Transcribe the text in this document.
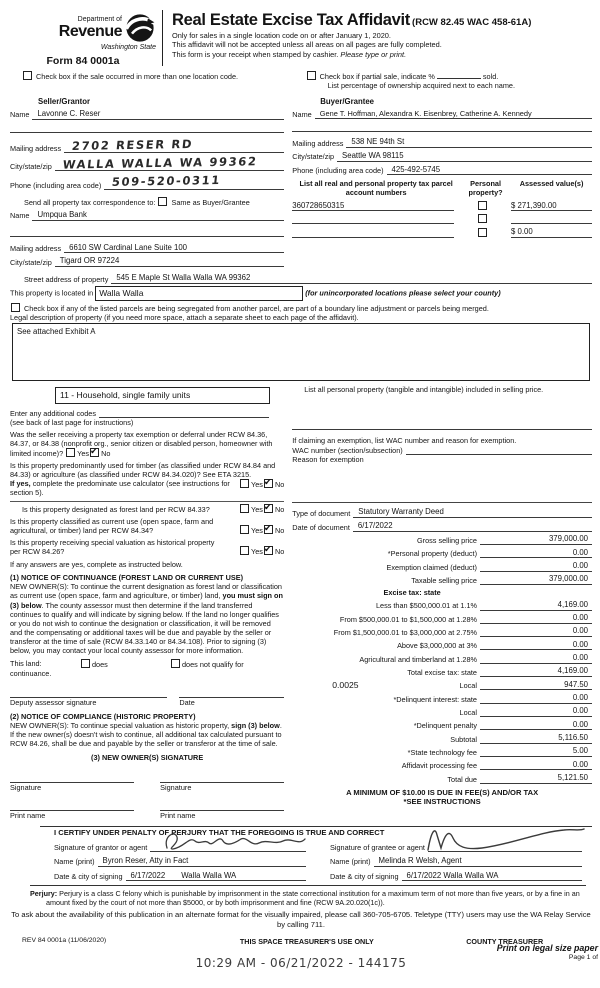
Department of
Revenue
Washington State
Form 84 0001a
Real Estate Excise Tax Affidavit (RCW 82.45 WAC 458-61A)
Only for sales in a single location code on or after January 1, 2020.
This affidavit will not be accepted unless all areas on all pages are fully completed.
This form is your receipt when stamped by cashier. Please type or print.
Check box if the sale occurred in more than one location code.	Check box if partial sale, indicate %	sold.
List percentage of ownership acquired next to each name.
Seller/Grantor
Name	Lavonne C. Reser
Mailing address 2702 RESER RD
City/state/zip WALLA WALLA WA 99362
Phone (including area code) 509-520-0311
Send all property tax correspondence to: Same as Buyer/Grantee
Name	Umpqua Bank
Mailing address	6610 SW Cardinal Lane Suite 100
City/state/zip	Tigard OR 97224
Buyer/Grantee
Name	Gene T. Hoffman, Alexandra K. Eisenbrey, Catherine A. Kennedy
Mailing address	538 NE 94th St
City/state/zip	Seattle WA 98115
Phone (including area code)	425-492-5745
List all real and personal property tax parcel account numbers
Personal property?
Assessed value(s)
360728650315	$ 271,390.00
$ 0.00
Street address of property	545 E Maple St Walla Walla WA 99362
This property is located in Walla Walla	(for unincorporated locations please select your county)
Check box if any of the listed parcels are being segregated from another parcel, are part of a boundary line adjustment or parcels being merged.
Legal description of property (if you need more space, attach a separate sheet to each page of the affidavit).
See attached Exhibit A
11 - Household, single family units
Enter any additional codes
(see back of last page for instructions)
Was the seller receiving a property tax exemption or deferral under RCW 84.36, 84.37, or 84.38 (nonprofit org., senior citizen or disabled person, homeowner with limited income)? Yes ✔ No
Is this property predominantly used for timber (as classified under RCW 84.84 and 84.33) or agriculture (as classified under RCW 84.34.020)? See ETA 3215.
Yes ✔ No
If yes, complete the predominate use calculator (see instructions for section 5).
Is this property designated as forest land per RCW 84.33?	Yes ✔ No
Is this property classified as current use (open space, farm and agricultural, or timber) land per RCW 84.34?	Yes ✔ No
Is this property receiving special valuation as historical property per RCW 84.26?	Yes ✔ No
If any answers are yes, complete as instructed below.
(1) NOTICE OF CONTINUANCE (FOREST LAND OR CURRENT USE)
NEW OWNER(S): To continue the current designation as forest land or classification as current use (open space, farm and agriculture, or timber) land, you must sign on (3) below. The county assessor must then determine if the land transferred continues to qualify and will indicate by signing below. If the land no longer qualifies or you do not wish to continue the designation or classification, it will be removed and the compensating or additional taxes will be due and payable by the seller or transferor at the time of sale (RCW 84.33.140 or 84.34.108). Prior to signing (3) below, you may contact your local county assessor for more information.
This land:	does	does not qualify for
continuance.
Deputy assessor signature	Date
(2) NOTICE OF COMPLIANCE (HISTORIC PROPERTY)
NEW OWNER(S): To continue special valuation as historic property, sign (3) below. If the new owner(s) doesn't wish to continue, all additional tax calculated pursuant to RCW 84.26, shall be due and payable by the seller or transferor at the time of sale.
(3) NEW OWNER(S) SIGNATURE
Signature	Signature
Print name	Print name
List all personal property (tangible and intangible) included in selling price.
If claiming an exemption, list WAC number and reason for exemption.
WAC number (section/subsection)
Reason for exemption
Type of document	Statutory Warranty Deed
Date of document	6/17/2022
Gross selling price	379,000.00
*Personal property (deduct)	0.00
Exemption claimed (deduct)	0.00
Taxable selling price	379,000.00
Excise tax: state
Less than $500,000.01 at 1.1%	4,169.00
From $500,000.01 to $1,500,000 at 1.28%	0.00
From $1,500,000.01 to $3,000,000 at 2.75%	0.00
Above $3,000,000 at 3%	0.00
Agricultural and timberland at 1.28%	0.00
Total excise tax: state	4,169.00
0.0025	Local	947.50
*Delinquent interest: state	0.00
Local	0.00
*Delinquent penalty	0.00
Subtotal	5,116.50
*State technology fee	5.00
Affidavit processing fee	0.00
Total due	5,121.50
A MINIMUM OF $10.00 IS DUE IN FEE(S) AND/OR TAX
*SEE INSTRUCTIONS
I CERTIFY UNDER PENALTY OF PERJURY THAT THE FOREGOING IS TRUE AND CORRECT
Signature of grantor or agent
Name (print)	Byron Reser, Atty in Fact
Date & city of signing	6/17/2022 Walla Walla WA
Signature of grantee or agent
Name (print)	Melinda R Welsh, Agent
Date & city of signing	6/17/2022 Walla Walla WA
Perjury: Perjury is a class C felony which is punishable by imprisonment in the state correctional institution for a maximum term of not more than five years, or by a fine in an amount fixed by the court of not more than $5000, or by both imprisonment and fine (RCW 9A.20.020(1c)).
To ask about the availability of this publication in an alternate format for the visually impaired, please call 360-705-6705. Teletype (TTY) users may use the WA Relay Service by calling 711.
REV 84 0001a (11/06/2020)	THIS SPACE TREASURER'S USE ONLY	COUNTY TREASURER
10:29 AM - 06/21/2022 - 144175
Print on legal size paper
Page 1 of
